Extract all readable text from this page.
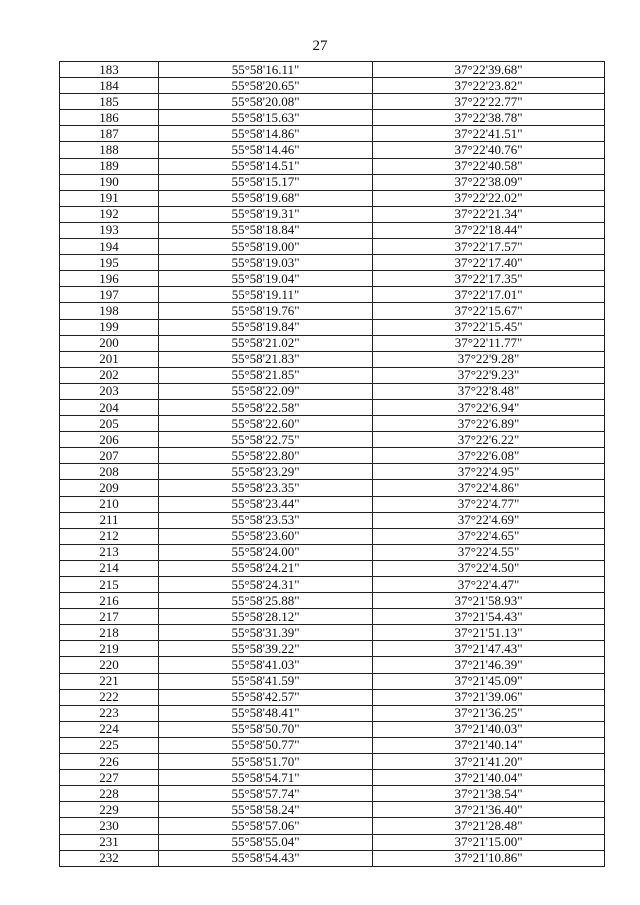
27
183	55°58'16.11"	37°22'39.68"
184	55°58'20.65"	37°22'23.82"
185	55°58'20.08"	37°22'22.77"
186	55°58'15.63"	37°22'38.78"
187	55°58'14.86"	37°22'41.51"
188	55°58'14.46"	37°22'40.76"
189	55°58'14.51"	37°22'40.58"
190	55°58'15.17"	37°22'38.09"
191	55°58'19.68"	37°22'22.02"
192	55°58'19.31"	37°22'21.34"
193	55°58'18.84"	37°22'18.44"
194	55°58'19.00"	37°22'17.57"
195	55°58'19.03"	37°22'17.40"
196	55°58'19.04"	37°22'17.35"
197	55°58'19.11"	37°22'17.01"
198	55°58'19.76"	37°22'15.67"
199	55°58'19.84"	37°22'15.45"
200	55°58'21.02"	37°22'11.77"
201	55°58'21.83"	37°22'9.28"
202	55°58'21.85"	37°22'9.23"
203	55°58'22.09"	37°22'8.48"
204	55°58'22.58"	37°22'6.94"
205	55°58'22.60"	37°22'6.89"
206	55°58'22.75"	37°22'6.22"
207	55°58'22.80"	37°22'6.08"
208	55°58'23.29"	37°22'4.95"
209	55°58'23.35"	37°22'4.86"
210	55°58'23.44"	37°22'4.77"
211	55°58'23.53"	37°22'4.69"
212	55°58'23.60"	37°22'4.65"
213	55°58'24.00"	37°22'4.55"
214	55°58'24.21"	37°22'4.50"
215	55°58'24.31"	37°22'4.47"
216	55°58'25.88"	37°21'58.93"
217	55°58'28.12"	37°21'54.43"
218	55°58'31.39"	37°21'51.13"
219	55°58'39.22"	37°21'47.43"
220	55°58'41.03"	37°21'46.39"
221	55°58'41.59"	37°21'45.09"
222	55°58'42.57"	37°21'39.06"
223	55°58'48.41"	37°21'36.25"
224	55°58'50.70"	37°21'40.03"
225	55°58'50.77"	37°21'40.14"
226	55°58'51.70"	37°21'41.20"
227	55°58'54.71"	37°21'40.04"
228	55°58'57.74"	37°21'38.54"
229	55°58'58.24"	37°21'36.40"
230	55°58'57.06"	37°21'28.48"
231	55°58'55.04"	37°21'15.00"
232	55°58'54.43"	37°21'10.86"
